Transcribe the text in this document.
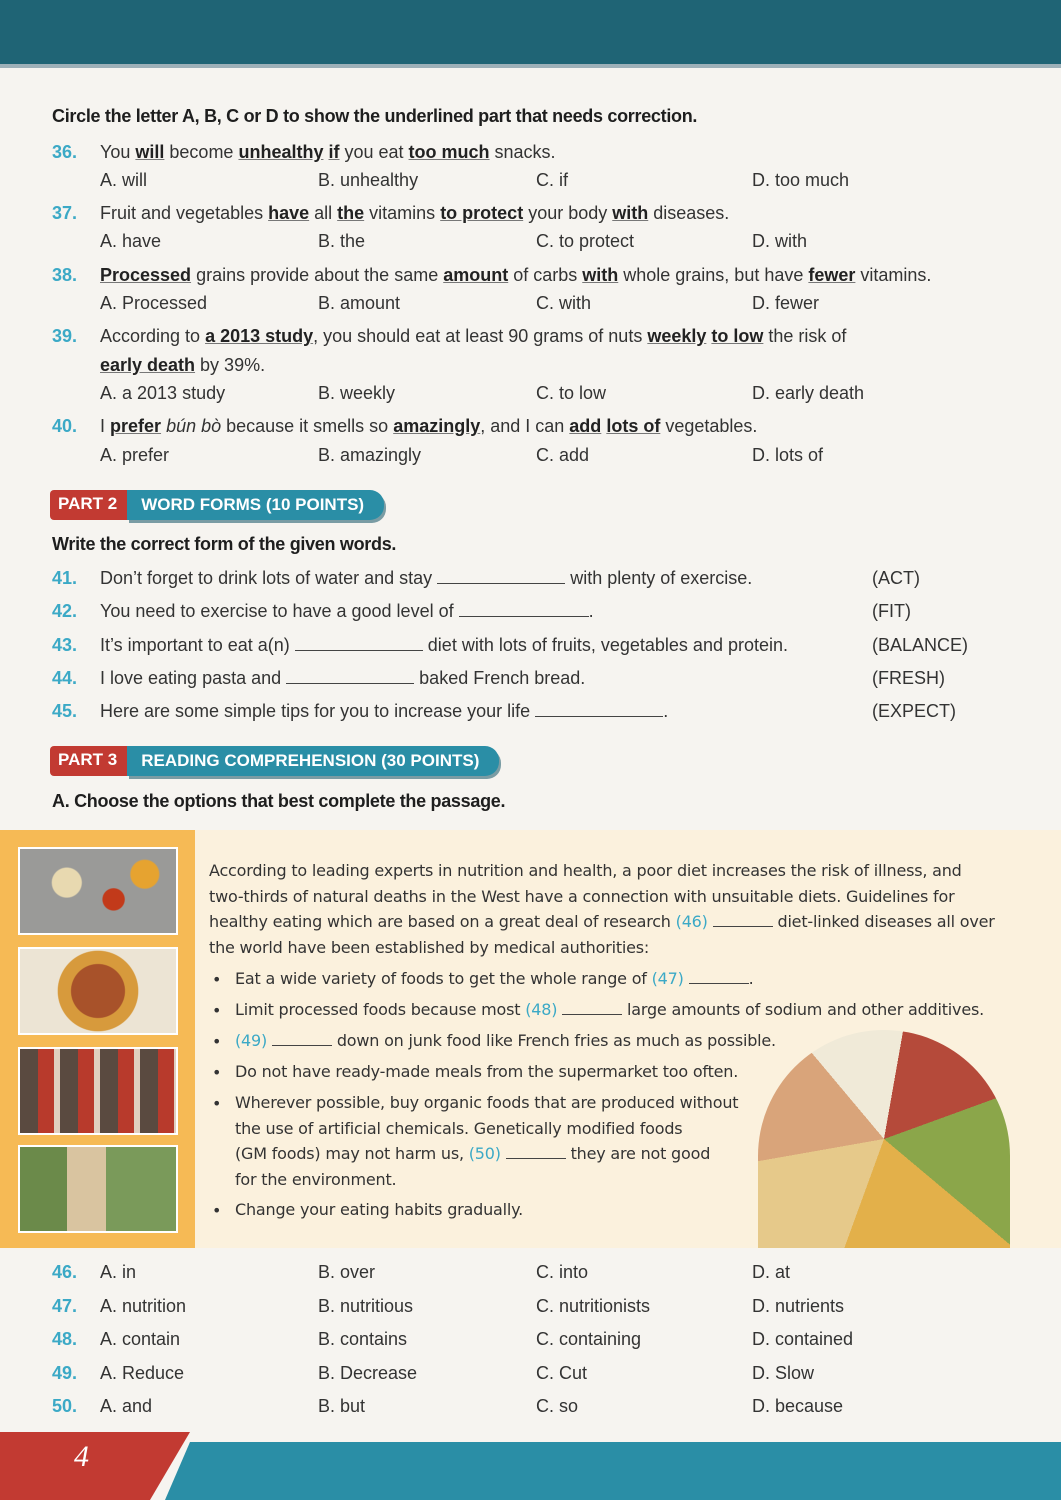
Circle the letter A, B, C or D to show the underlined part that needs correction.
36. You will become unhealthy if you eat too much snacks.
A. will	B. unhealthy	C. if	D. too much
37. Fruit and vegetables have all the vitamins to protect your body with diseases.
A. have	B. the	C. to protect	D. with
38. Processed grains provide about the same amount of carbs with whole grains, but have fewer vitamins.
A. Processed	B. amount	C. with	D. fewer
39. According to a 2013 study, you should eat at least 90 grams of nuts weekly to low the risk of
early death by 39%.
A. a 2013 study	B. weekly	C. to low	D. early death
40. I prefer bún bò because it smells so amazingly, and I can add lots of vegetables.
A. prefer	B. amazingly	C. add	D. lots of
PART 2	WORD FORMS (10 POINTS)
Write the correct form of the given words.
41. Don’t forget to drink lots of water and stay	with plenty of exercise.	(ACT)
42. You need to exercise to have a good level of	.	(FIT)
43. It’s important to eat a(n)	diet with lots of fruits, vegetables and protein.	(BALANCE)
44. I love eating pasta and	baked French bread.	(FRESH)
45. Here are some simple tips for you to increase your life	.	(EXPECT)
PART 3	READING COMPREHENSION (30 POINTS)
A. Choose the options that best complete the passage.
According to leading experts in nutrition and health, a poor diet increases the risk of illness, and
two-thirds of natural deaths in the West have a connection with unsuitable diets. Guidelines for
healthy eating which are based on a great deal of research (46)	diet-linked diseases all over
the world have been established by medical authorities:
• Eat a wide variety of foods to get the whole range of (47)	.
• Limit processed foods because most (48)	large amounts of sodium and other additives.
• (49)	down on junk food like French fries as much as possible.
• Do not have ready-made meals from the supermarket too often.
• Wherever possible, buy organic foods that are produced without
the use of artificial chemicals. Genetically modified foods
(GM foods) may not harm us, (50)	they are not good
for the environment.
• Change your eating habits gradually.
46. A. in	B. over	C. into	D. at
47. A. nutrition	B. nutritious	C. nutritionists	D. nutrients
48. A. contain	B. contains	C. containing	D. contained
49. A. Reduce	B. Decrease	C. Cut	D. Slow
50. A. and	B. but	C. so	D. because
4
